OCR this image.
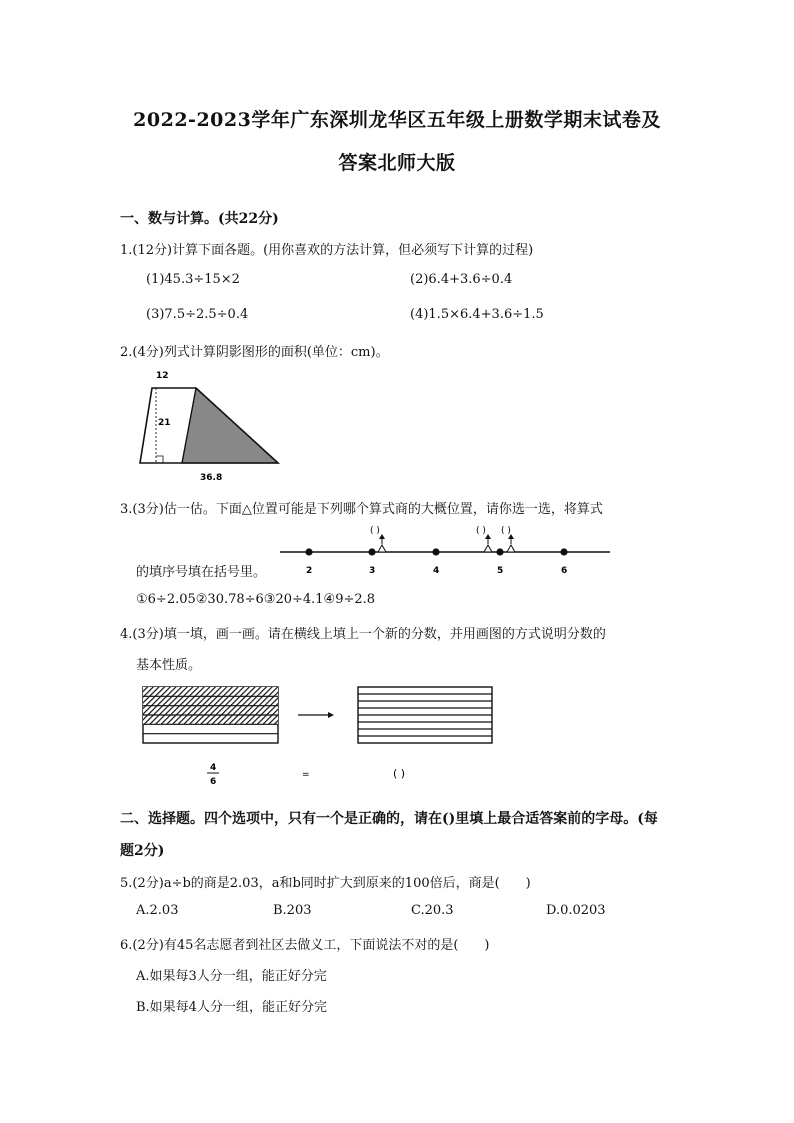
2022-2023学年广东深圳龙华区五年级上册数学期末试卷及
答案北师大版
一、数与计算。(共22分)
1.(12分)计算下面各题。(用你喜欢的方法计算，但必须写下计算的过程)
(1)45.3÷15×2	(2)6.4+3.6÷0.4
(3)7.5÷2.5÷0.4	(4)1.5×6.4+3.6÷1.5
2.(4分)列式计算阴影图形的面积(单位：cm)。
12
21
36.8
3.(3分)估一估。下面△位置可能是下列哪个算式商的大概位置，请你选一选，将算式
2	3	4	5	6
( )	( ) ( )
的填序号填在括号里。
①6÷2.05②30.78÷6③20÷4.1④9÷2.8
4.(3分)填一填，画一画。请在横线上填上一个新的分数，并用画图的方式说明分数的
基本性质。
4
6
=	( )
二、选择题。四个选项中，只有一个是正确的，请在()里填上最合适答案前的字母。(每
题2分)
5.(2分)a÷b的商是2.03，a和b同时扩大到原来的100倍后，商是(　　)
A.2.03	B.203	C.20.3	D.0.0203
6.(2分)有45名志愿者到社区去做义工，下面说法不对的是(　　)
A.如果每3人分一组，能正好分完
B.如果每4人分一组，能正好分完
